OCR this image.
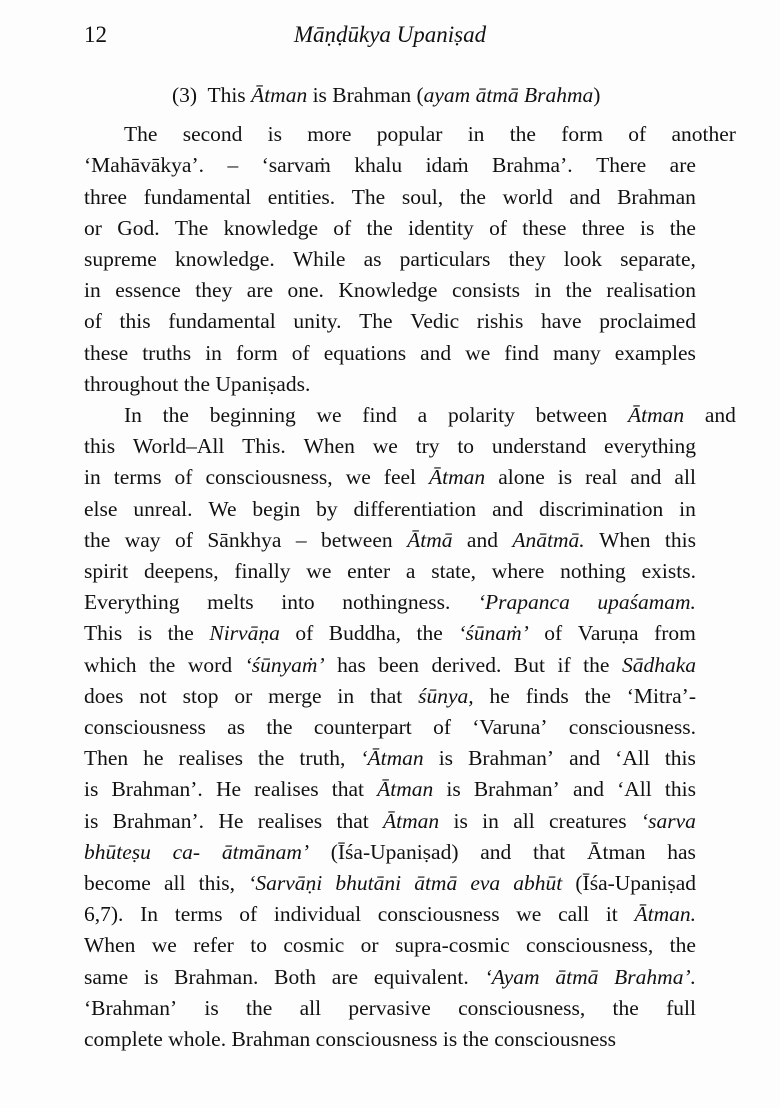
12	Māṇḍūkya Upaniṣad
(3) This Ātman is Brahman (ayam ātmā Brahma)
The second is more popular in the form of another
‘Mahāvākya’. – ‘sarvaṁ khalu idaṁ Brahma’. There are
three fundamental entities. The soul, the world and Brahman
or God. The knowledge of the identity of these three is the
supreme knowledge. While as particulars they look separate,
in essence they are one. Knowledge consists in the realisation
of this fundamental unity. The Vedic rishis have proclaimed
these truths in form of equations and we find many examples
throughout the Upaniṣads.
In the beginning we find a polarity between Ātman and
this World–All This. When we try to understand everything
in terms of consciousness, we feel Ātman alone is real and all
else unreal. We begin by differentiation and discrimination in
the way of Sānkhya – between Ātmā and Anātmā. When this
spirit deepens, finally we enter a state, where nothing exists.
Everything melts into nothingness. ‘Prapanca upaśamam.
This is the Nirvāṇa of Buddha, the ‘śūnaṁ’ of Varuṇa from
which the word ‘śūnyaṁ’ has been derived. But if the Sādhaka
does not stop or merge in that śūnya, he finds the ‘Mitra’-
consciousness as the counterpart of ‘Varuna’ consciousness.
Then he realises the truth, ‘Ātman is Brahman’ and ‘All this
is Brahman’. He realises that Ātman is Brahman’ and ‘All this
is Brahman’. He realises that Ātman is in all creatures ‘sarva
bhūteṣu ca- ātmānam’ (Īśa-Upaniṣad) and that Ātman has
become all this, ‘Sarvāṇi bhutāni ātmā eva abhūt (Īśa-Upaniṣad
6,7). In terms of individual consciousness we call it Ātman.
When we refer to cosmic or supra-cosmic consciousness, the
same is Brahman. Both are equivalent. ‘Ayam ātmā Brahma’.
‘Brahman’ is the all pervasive consciousness, the full
complete whole. Brahman consciousness is the consciousness
